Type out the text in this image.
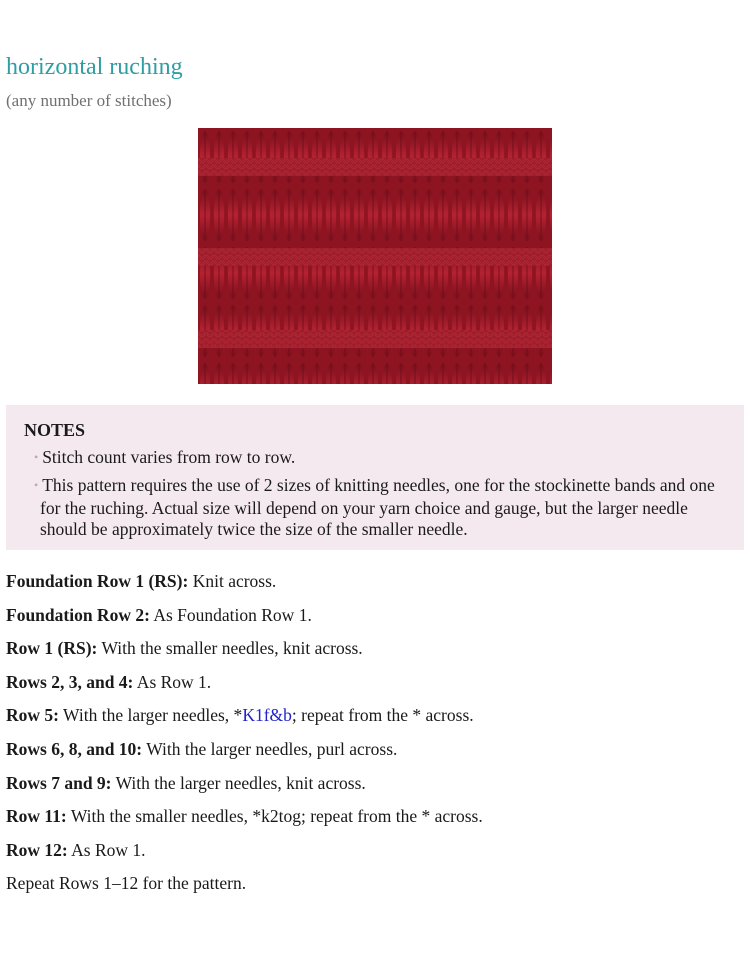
horizontal ruching
(any number of stitches)
NOTES
• Stitch count varies from row to row.
• This pattern requires the use of 2 sizes of knitting needles, one for the stockinette bands and one for the ruching. Actual size will depend on your yarn choice and gauge, but the larger needle should be approximately twice the size of the smaller needle.

Foundation Row 1 (RS): Knit across.

Foundation Row 2: As Foundation Row 1.

Row 1 (RS): With the smaller needles, knit across.

Rows 2, 3, and 4: As Row 1.

Row 5: With the larger needles, *K1f&b; repeat from the * across.

Rows 6, 8, and 10: With the larger needles, purl across.

Rows 7 and 9: With the larger needles, knit across.

Row 11: With the smaller needles, *k2tog; repeat from the * across.

Row 12: As Row 1.

Repeat Rows 1–12 for the pattern.
